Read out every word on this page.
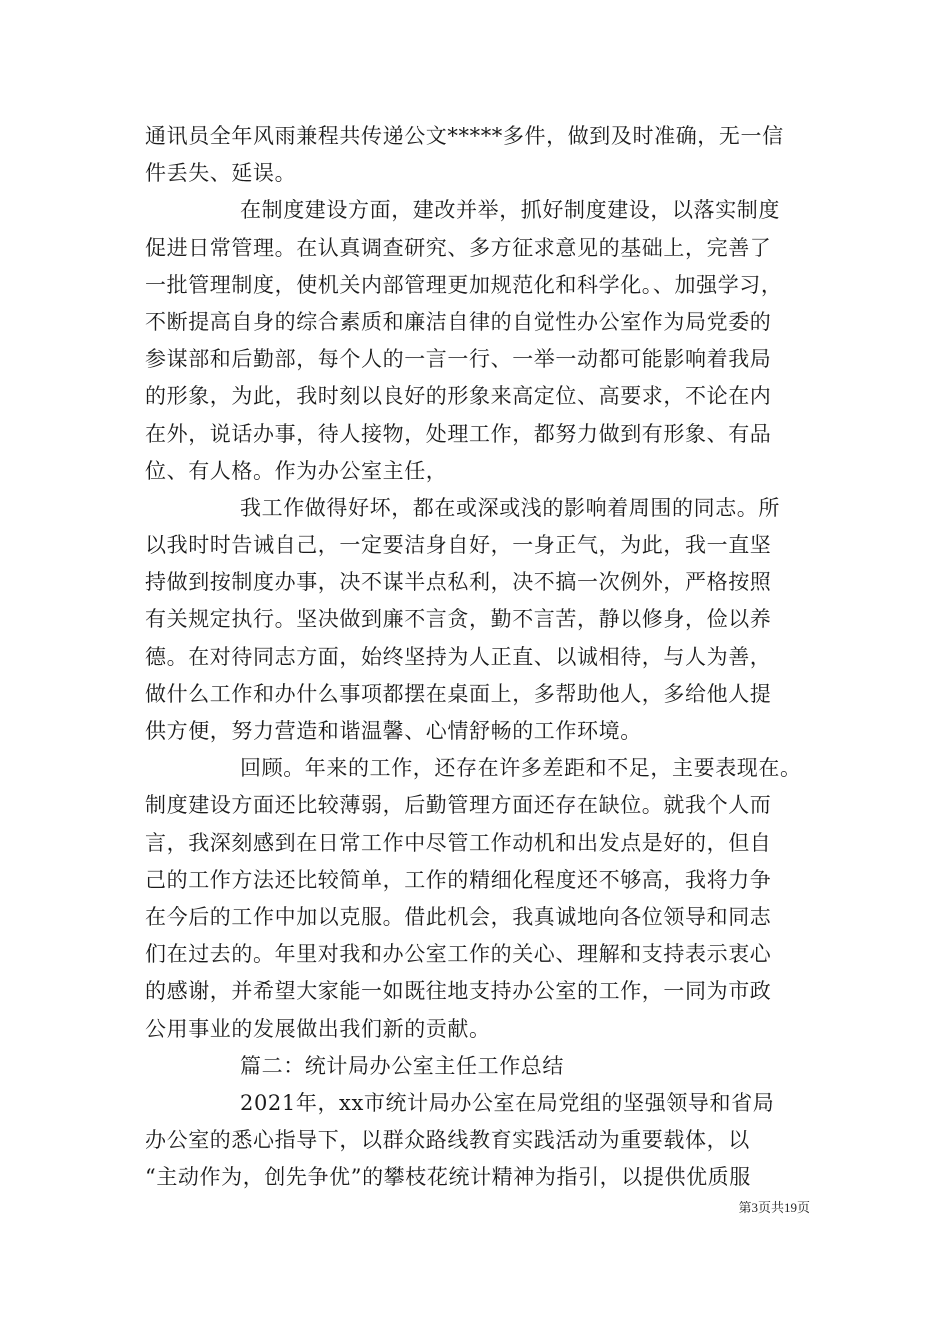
通讯员全年风雨兼程共传递公文*****多件，做到及时准确，无一信
件丢失、延误。
在制度建设方面，建改并举，抓好制度建设，以落实制度
促进日常管理。在认真调查研究、多方征求意见的基础上，完善了
一批管理制度，使机关内部管理更加规范化和科学化。、加强学习，
不断提高自身的综合素质和廉洁自律的自觉性办公室作为局党委的
参谋部和后勤部，每个人的一言一行、一举一动都可能影响着我局
的形象，为此，我时刻以良好的形象来高定位、高要求，不论在内
在外，说话办事，待人接物，处理工作，都努力做到有形象、有品
位、有人格。作为办公室主任，
我工作做得好坏，都在或深或浅的影响着周围的同志。所
以我时时告诫自己，一定要洁身自好，一身正气，为此，我一直坚
持做到按制度办事，决不谋半点私利，决不搞一次例外，严格按照
有关规定执行。坚决做到廉不言贪，勤不言苦，静以修身，俭以养
德。在对待同志方面，始终坚持为人正直、以诚相待，与人为善，
做什么工作和办什么事项都摆在桌面上，多帮助他人，多给他人提
供方便，努力营造和谐温馨、心情舒畅的工作环境。
回顾。年来的工作，还存在许多差距和不足，主要表现在。
制度建设方面还比较薄弱，后勤管理方面还存在缺位。就我个人而
言，我深刻感到在日常工作中尽管工作动机和出发点是好的，但自
己的工作方法还比较简单，工作的精细化程度还不够高，我将力争
在今后的工作中加以克服。借此机会，我真诚地向各位领导和同志
们在过去的。年里对我和办公室工作的关心、理解和支持表示衷心
的感谢，并希望大家能一如既往地支持办公室的工作，一同为市政
公用事业的发展做出我们新的贡献。
篇二：统计局办公室主任工作总结
2021年，xx市统计局办公室在局党组的坚强领导和省局
办公室的悉心指导下，以群众路线教育实践活动为重要载体，以
“主动作为，创先争优”的攀枝花统计精神为指引，以提供优质服
第3页共19页
